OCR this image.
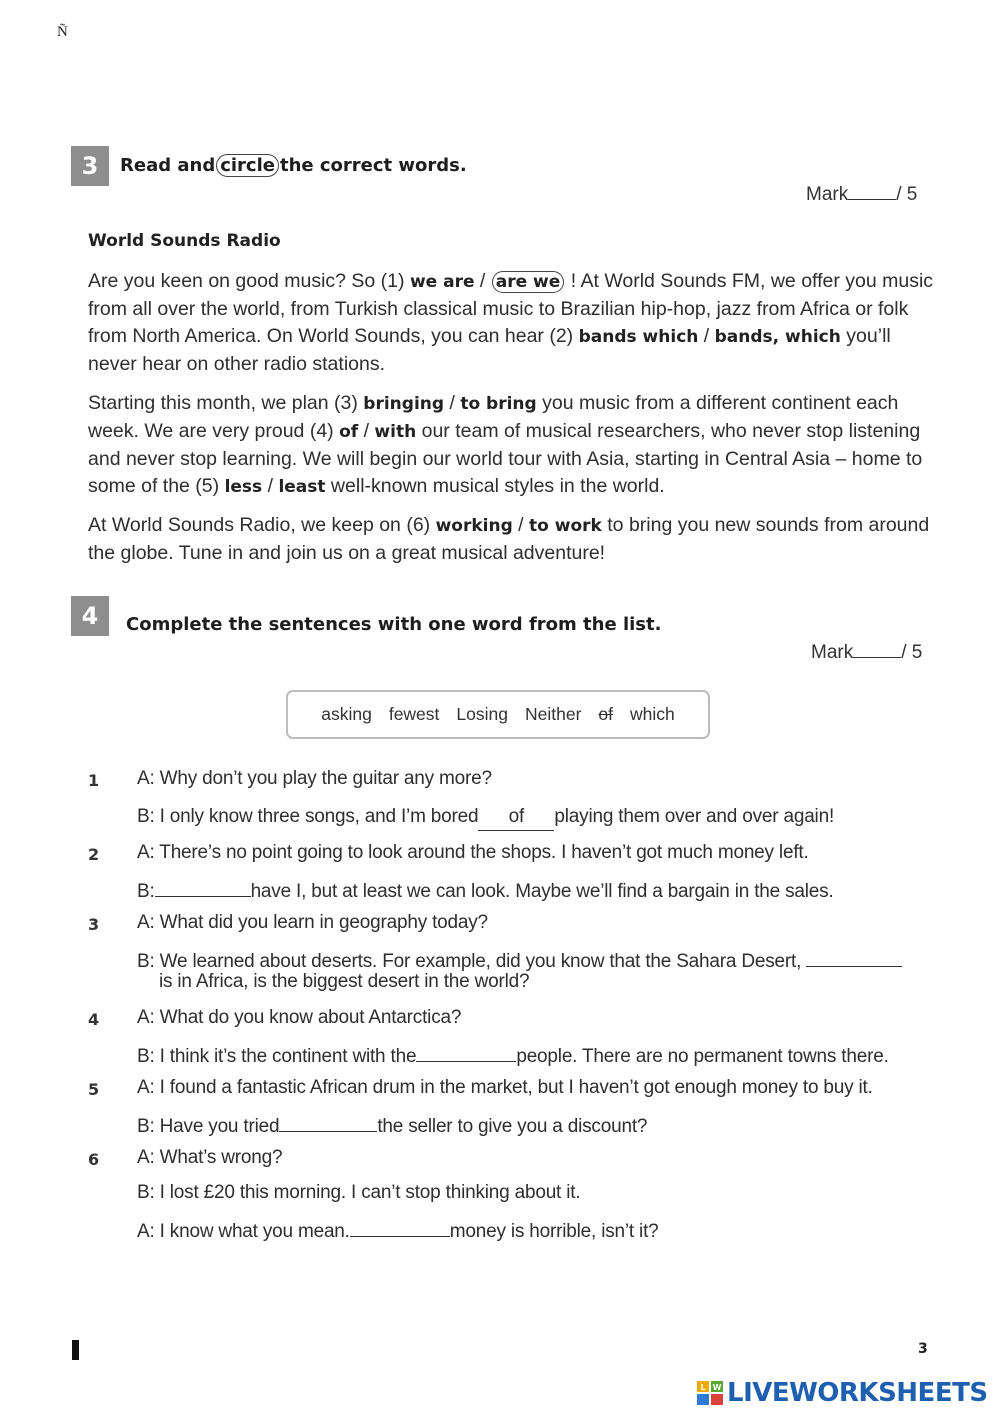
Ñ
3	Read and circle the correct words.
Mark	/ 5
World Sounds Radio

Are you keen on good music? So (1) we are / are we ! At World Sounds FM, we offer you music from all over the world, from Turkish classical music to Brazilian hip-hop, jazz from Africa or folk from North America. On World Sounds, you can hear (2) bands which / bands, which you’ll never hear on other radio stations.

Starting this month, we plan (3) bringing / to bring you music from a different continent each week. We are very proud (4) of / with our team of musical researchers, who never stop listening and never stop learning. We will begin our world tour with Asia, starting in Central Asia – home to some of the (5) less / least well-known musical styles in the world.

At World Sounds Radio, we keep on (6) working / to work to bring you new sounds from around the globe. Tune in and join us on a great musical adventure!

4	Complete the sentences with one word from the list.
Mark	/ 5
asking fewest Losing Neither of which
1 A: Why don’t you play the guitar any more?
B: I only know three songs, and I’m bored of playing them over and over again!
2 A: There’s no point going to look around the shops. I haven’t got much money left.
B:	have I, but at least we can look. Maybe we’ll find a bargain in the sales.
3 A: What did you learn in geography today?
B: We learned about deserts. For example, did you know that the Sahara Desert,
is in Africa, is the biggest desert in the world?
4 A: What do you know about Antarctica?
B: I think it’s the continent with the	people. There are no permanent towns there.
5 A: I found a fantastic African drum in the market, but I haven’t got enough money to buy it.
B: Have you tried	the seller to give you a discount?
6 A: What’s wrong?
B: I lost £20 this morning. I can’t stop thinking about it.
A: I know what you mean.	money is horrible, isn’t it?
3
L W LIVEWORKSHEETS
